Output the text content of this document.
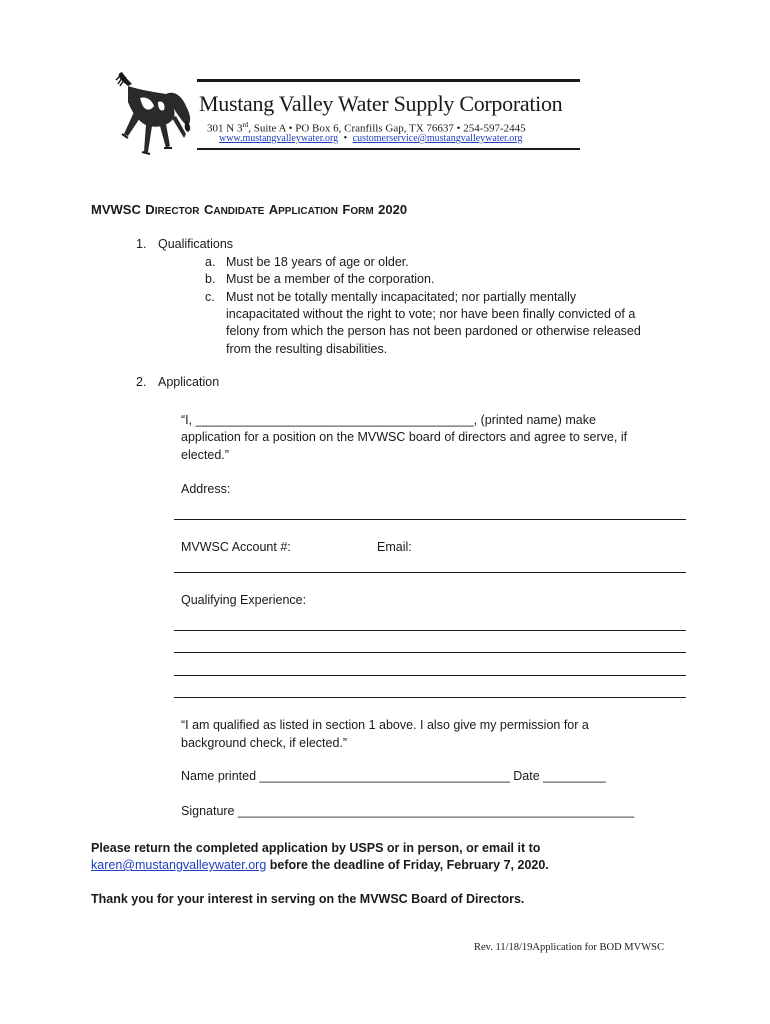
Mustang Valley Water Supply Corporation
301 N 3rd, Suite A • PO Box 6, Cranfills Gap, TX 76637 • 254-597-2445
www.mustangvalleywater.org • customerservice@mustangvalleywater.org
MVWSC DIRECTOR CANDIDATE APPLICATION FORM 2020
1. Qualifications
a. Must be 18 years of age or older.
b. Must be a member of the corporation.
c. Must not be totally mentally incapacitated; nor partially mentally
incapacitated without the right to vote; nor have been finally convicted of a
felony from which the person has not been pardoned or otherwise released
from the resulting disabilities.
2. Application
“I, ________________________________________, (printed name) make
application for a position on the MVWSC board of directors and agree to serve, if
elected.”
Address:
MVWSC Account #:	Email:
Qualifying Experience:
“I am qualified as listed in section 1 above. I also give my permission for a
background check, if elected.”
Name printed ____________________________________ Date _________
Signature _________________________________________________________
Please return the completed application by USPS or in person, or email it to
karen@mustangvalleywater.org before the deadline of Friday, February 7, 2020.
Thank you for your interest in serving on the MVWSC Board of Directors.
Rev. 11/18/19Application for BOD MVWSC
